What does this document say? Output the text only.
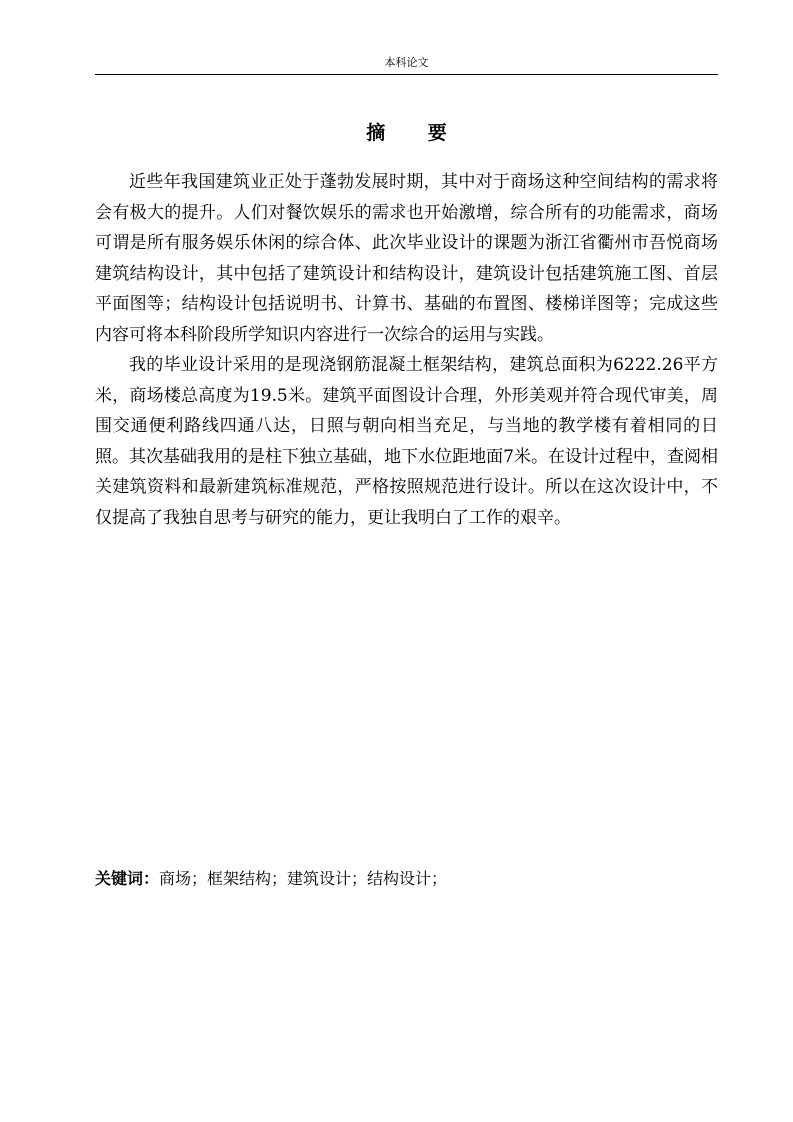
本科论文
摘 要

近些年我国建筑业正处于蓬勃发展时期，其中对于商场这种空间结构的需求将会有极大的提升。人们对餐饮娱乐的需求也开始激增，综合所有的功能需求，商场可谓是所有服务娱乐休闲的综合体、此次毕业设计的课题为浙江省衢州市吾悦商场建筑结构设计，其中包括了建筑设计和结构设计，建筑设计包括建筑施工图、首层平面图等；结构设计包括说明书、计算书、基础的布置图、楼梯详图等；完成这些内容可将本科阶段所学知识内容进行一次综合的运用与实践。

我的毕业设计采用的是现浇钢筋混凝土框架结构，建筑总面积为6222.26平方米，商场楼总高度为19.5米。建筑平面图设计合理，外形美观并符合现代审美，周围交通便利路线四通八达，日照与朝向相当充足，与当地的教学楼有着相同的日照。其次基础我用的是柱下独立基础，地下水位距地面7米。在设计过程中，查阅相关建筑资料和最新建筑标准规范，严格按照规范进行设计。所以在这次设计中，不仅提高了我独自思考与研究的能力，更让我明白了工作的艰辛。

关键词：商场；框架结构；建筑设计；结构设计；
